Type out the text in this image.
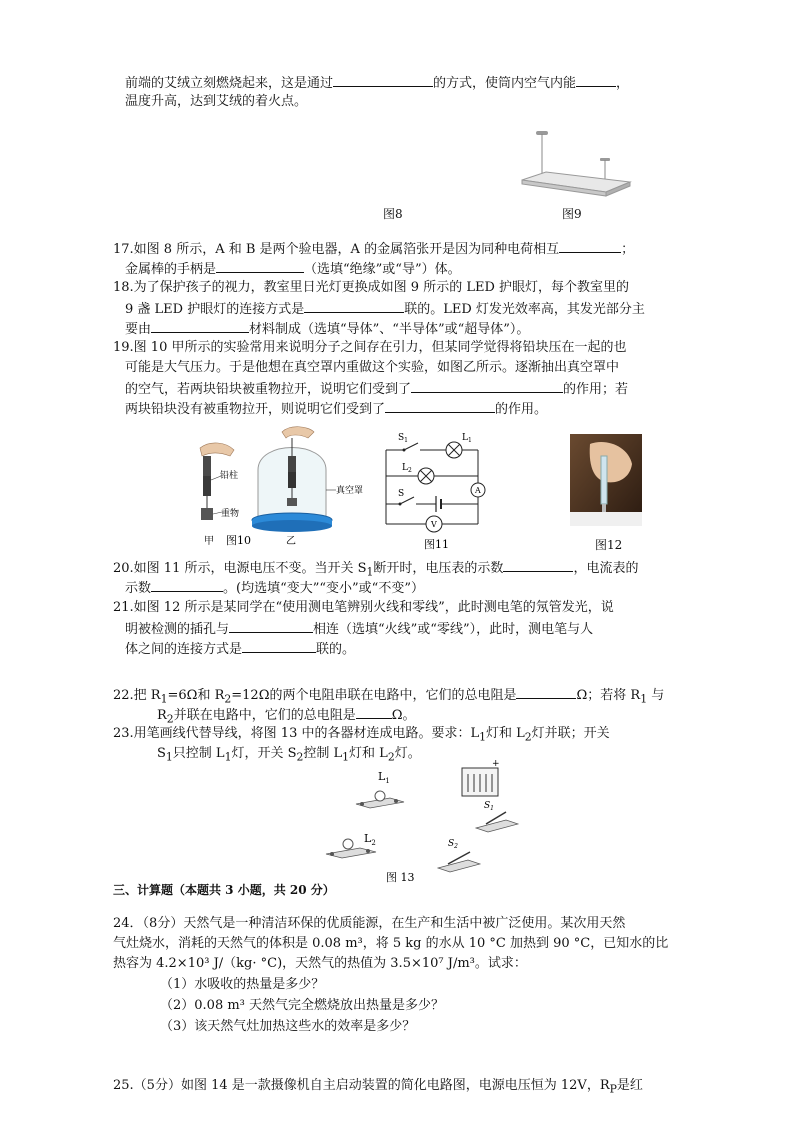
前端的艾绒立刻燃烧起来，这是通过	的方式，使筒内空气内能	，
温度升高，达到艾绒的着火点。
图8	图9
17.如图 8 所示，A 和 B 是两个验电器，A 的金属箔张开是因为同种电荷相互	；
金属棒的手柄是	（选填“绝缘”或“导”）体。
18.为了保护孩子的视力，教室里日光灯更换成如图 9 所示的 LED 护眼灯，每个教室里的
9 盏 LED 护眼灯的连接方式是	联的。LED 灯发光效率高，其发光部分主
要由	材料制成（选填“导体”、“半导体”或“超导体”）。
19.图 10 甲所示的实验常用来说明分子之间存在引力，但某同学觉得将铅块压在一起的也
可能是大气压力。于是他想在真空罩内重做这个实验，如图乙所示。逐渐抽出真空罩中
的空气，若两块铅块被重物拉开，说明它们受到了	的作用；若
两块铅块没有被重物拉开，则说明它们受到了	的作用。
铅柱
重物
真空罩
甲 图10	乙
$S_1$	$L_1$
$L_2$
S	A
V
图11	图12
20.如图 11 所示，电源电压不变。当开关 $S_1$断开时，电压表的示数	，电流表的
示数	。(均选填“变大”“变小”或“不变”）
21.如图 12 所示是某同学在“使用测电笔辨别火线和零线”，此时测电笔的氖管发光，说
明被检测的插孔与	相连（选填“火线”或“零线”），此时，测电笔与人
体之间的连接方式是	联的。
22.把 $R_1=6\Omega$和 $R_2=12\Omega$的两个电阻串联在电路中，它们的总电阻是	Ω；若将 $R_1$ 与
$R_2$并联在电路中，它们的总电阻是	Ω。
23.用笔画线代替导线，将图 13 中的各器材连成电路。要求：$L_1$灯和 $L_2$灯并联；开关
$S_1$只控制 $L_1$灯，开关 $S_2$控制 $L_1$灯和 $L_2$灯。
$L_1$
$L_2$
+
$S_1$
$S_2$
图 13
三、计算题（本题共 3 小题，共 20 分）
24．（8分）天然气是一种清洁环保的优质能源，在生产和生活中被广泛使用。某次用天然
气灶烧水，消耗的天然气的体积是 0.08 m³，将 5 kg 的水从 10 °C 加热到 90 °C，已知水的比
热容为 4.2×10³ J/（kg· °C)，天然气的热值为 3.5×10⁷ J/m³。试求：
（1）水吸收的热量是多少？
（2）0.08 m³ 天然气完全燃烧放出热量是多少？
（3）该天然气灶加热这些水的效率是多少？
25.（5分）如图 14 是一款摄像机自主启动装置的简化电路图，电源电压恒为 12V，$R_P$是红
